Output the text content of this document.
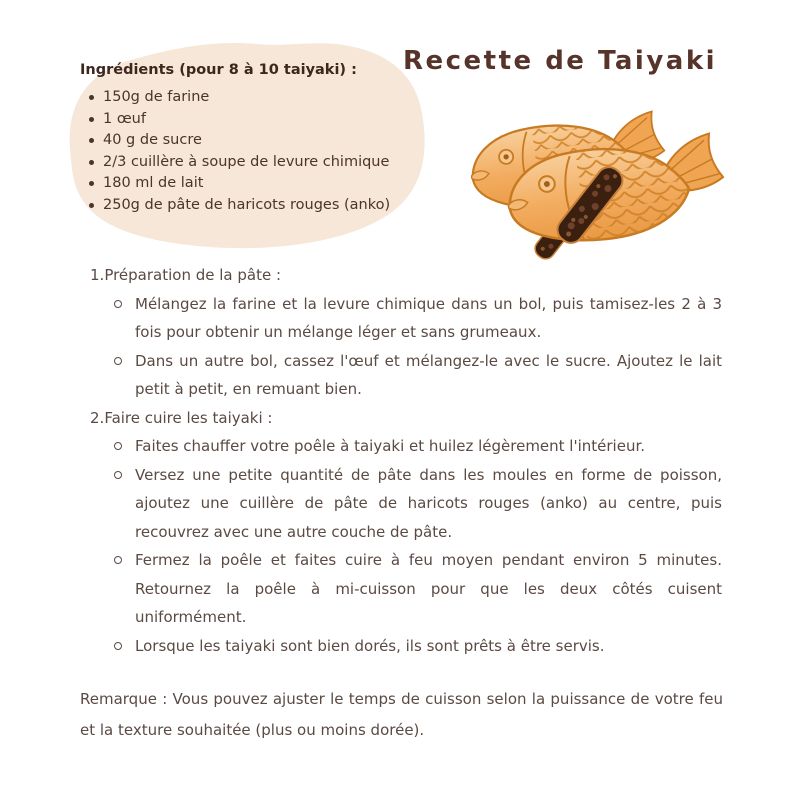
Ingrédients (pour 8 à 10 taiyaki) :
150g de farine
1 œuf
40 g de sucre
2/3 cuillère à soupe de levure chimique
180 ml de lait
250g de pâte de haricots rouges (anko)
Recette de Taiyaki
1.Préparation de la pâte :

Mélangez la farine et la levure chimique dans un bol, puis tamisez-les 2 à 3 fois pour obtenir un mélange léger et sans grumeaux.

Dans un autre bol, cassez l'œuf et mélangez-le avec le sucre. Ajoutez le lait petit à petit, en remuant bien.

2.Faire cuire les taiyaki :

Faites chauffer votre poêle à taiyaki et huilez légèrement l'intérieur.

Versez une petite quantité de pâte dans les moules en forme de poisson, ajoutez une cuillère de pâte de haricots rouges (anko) au centre, puis recouvrez avec une autre couche de pâte.

Fermez la poêle et faites cuire à feu moyen pendant environ 5 minutes. Retournez la poêle à mi-cuisson pour que les deux côtés cuisent uniformément.

Lorsque les taiyaki sont bien dorés, ils sont prêts à être servis.

Remarque : Vous pouvez ajuster le temps de cuisson selon la puissance de votre feu et la texture souhaitée (plus ou moins dorée).
